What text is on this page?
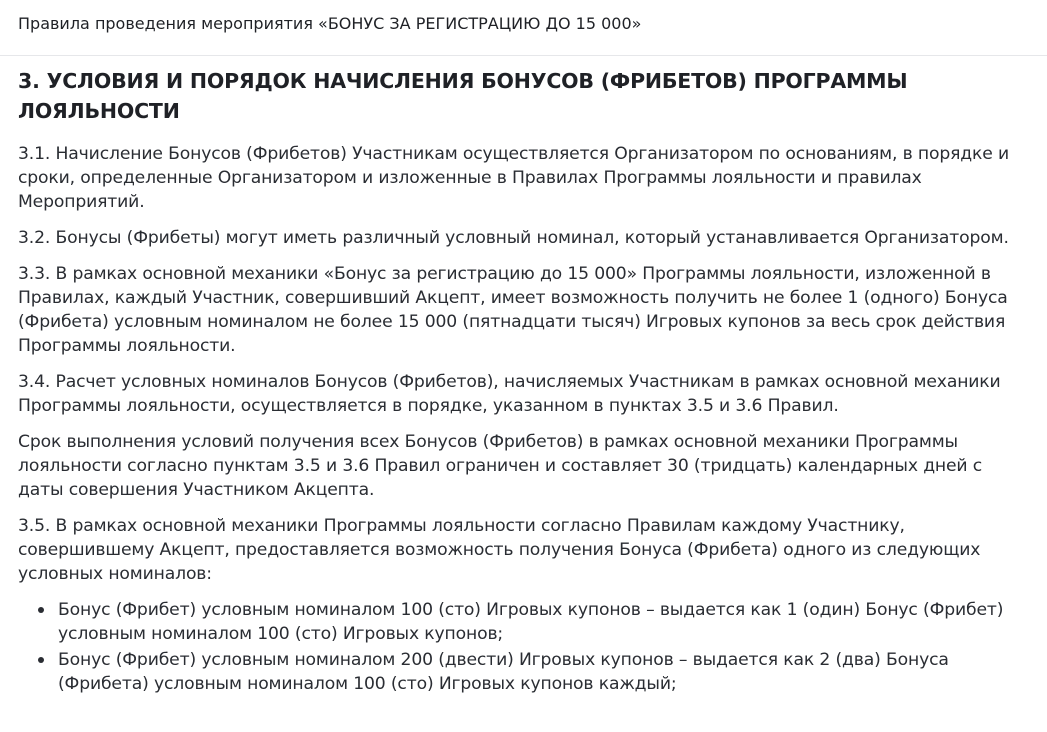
Правила проведения мероприятия «БОНУС ЗА РЕГИСТРАЦИЮ ДО 15 000»
3. УСЛОВИЯ И ПОРЯДОК НАЧИСЛЕНИЯ БОНУСОВ (ФРИБЕТОВ) ПРОГРАММЫ ЛОЯЛЬНОСТИ

3.1. Начисление Бонусов (Фрибетов) Участникам осуществляется Организатором по основаниям, в порядке и сроки, определенные Организатором и изложенные в Правилах Программы лояльности и правилах Мероприятий.

3.2. Бонусы (Фрибеты) могут иметь различный условный номинал, который устанавливается Организатором.

3.3. В рамках основной механики «Бонус за регистрацию до 15 000» Программы лояльности, изложенной в Правилах, каждый Участник, совершивший Акцепт, имеет возможность получить не более 1 (одного) Бонуса (Фрибета) условным номиналом не более 15 000 (пятнадцати тысяч) Игровых купонов за весь срок действия Программы лояльности.

3.4. Расчет условных номиналов Бонусов (Фрибетов), начисляемых Участникам в рамках основной механики Программы лояльности, осуществляется в порядке, указанном в пунктах 3.5 и 3.6 Правил.

Срок выполнения условий получения всех Бонусов (Фрибетов) в рамках основной механики Программы лояльности согласно пунктам 3.5 и 3.6 Правил ограничен и составляет 30 (тридцать) календарных дней с даты совершения Участником Акцепта.

3.5. В рамках основной механики Программы лояльности согласно Правилам каждому Участнику, совершившему Акцепт, предоставляется возможность получения Бонуса (Фрибета) одного из следующих условных номиналов:

Бонус (Фрибет) условным номиналом 100 (сто) Игровых купонов – выдается как 1 (один) Бонус (Фрибет) условным номиналом 100 (сто) Игровых купонов;
Бонус (Фрибет) условным номиналом 200 (двести) Игровых купонов – выдается как 2 (два) Бонуса (Фрибета) условным номиналом 100 (сто) Игровых купонов каждый;
